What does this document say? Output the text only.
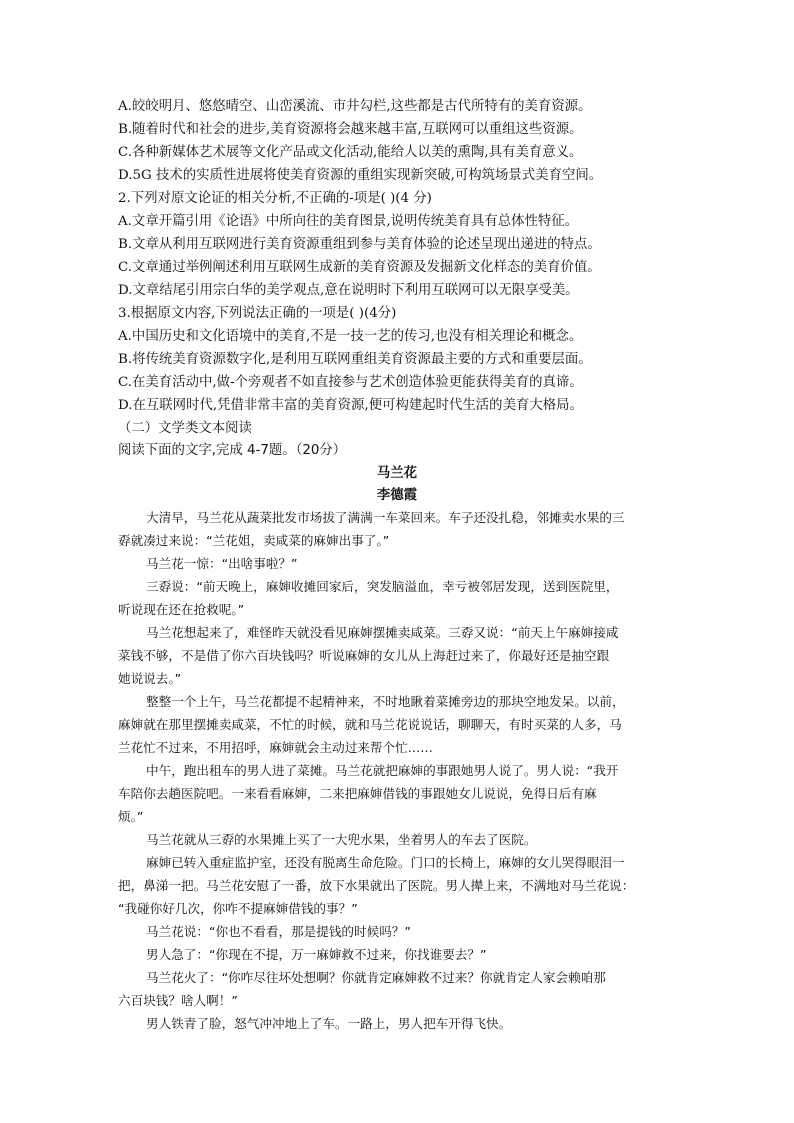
A.皎皎明月、悠悠晴空、山峦溪流、市井勾栏,这些都是古代所特有的美育资源。
B.随着时代和社会的进步,美育资源将会越来越丰富,互联网可以重组这些资源。
C.各种新媒体艺术展等文化产品或文化活动,能给人以美的熏陶,具有美育意义。
D.5G 技术的实质性进展将使美育资源的重组实现新突破,可构筑场景式美育空间。
2.下列对原文论证的相关分析,不正确的-项是( )(4 分)
A.文章开篇引用《论语》中所向往的美育图景,说明传统美育具有总体性特征。
B.文章从利用互联网进行美育资源重组到参与美育体验的论述呈现出递进的特点。
C.文章通过举例阐述利用互联网生成新的美育资源及发掘新文化样态的美育价值。
D.文章结尾引用宗白华的美学观点,意在说明时下利用互联网可以无限享受美。
3.根据原文内容,下列说法正确的一项是( )(4分)
A.中国历史和文化语境中的美育,不是一技一艺的传习,也没有相关理论和概念。
B.将传统美育资源数字化,是利用互联网重组美育资源最主要的方式和重要层面。
C.在美育活动中,做-个旁观者不如直接参与艺术创造体验更能获得美育的真谛。
D.在互联网时代,凭借非常丰富的美育资源,便可构建起时代生活的美育大格局。
（二）文学类文本阅读
阅读下面的文字,完成 4-7题。（20分）
马兰花
李德霞
大清早，马兰花从蔬菜批发市场拔了满满一车菜回来。车子还没扎稳，邻摊卖水果的三
孬就凑过来说：“兰花姐，卖咸菜的麻婶出事了。”
马兰花一惊：“出啥事啦？”
三孬说：“前天晚上，麻婶收摊回家后，突发脑溢血，幸亏被邻居发现，送到医院里，
听说现在还在抢救呢。”
马兰花想起来了，难怪昨天就没看见麻婶摆摊卖咸菜。三孬又说：“前天上午麻婶接咸
菜钱不够，不是借了你六百块钱吗？听说麻婶的女儿从上海赶过来了，你最好还是抽空跟
她说说去。”
整整一个上午，马兰花都提不起精神来，不时地瞅着菜摊旁边的那块空地发呆。以前，
麻婶就在那里摆摊卖咸菜，不忙的时候，就和马兰花说说话，聊聊天，有时买菜的人多，马
兰花忙不过来，不用招呼，麻婶就会主动过来帮个忙……
中午，跑出租车的男人进了菜摊。马兰花就把麻婶的事跟她男人说了。男人说：“我开
车陪你去趟医院吧。一来看看麻婶，二来把麻婶借钱的事跟她女儿说说，免得日后有麻
烦。”
马兰花就从三孬的水果摊上买了一大兜水果，坐着男人的车去了医院。
麻婶已转入重症监护室，还没有脱离生命危险。门口的长椅上，麻婶的女儿哭得眼泪一
把，鼻涕一把。马兰花安慰了一番，放下水果就出了医院。男人撵上来，不满地对马兰花说：
“我碰你好几次，你咋不提麻婶借钱的事？”
马兰花说：“你也不看看，那是提钱的时候吗？”
男人急了：“你现在不提，万一麻婶救不过来，你找谁要去？”
马兰花火了：“你咋尽往坏处想啊？你就肯定麻婶救不过来？你就肯定人家会赖咱那
六百块钱？啥人啊！”
男人铁青了脸，怒气冲冲地上了车。一路上，男人把车开得飞快。
